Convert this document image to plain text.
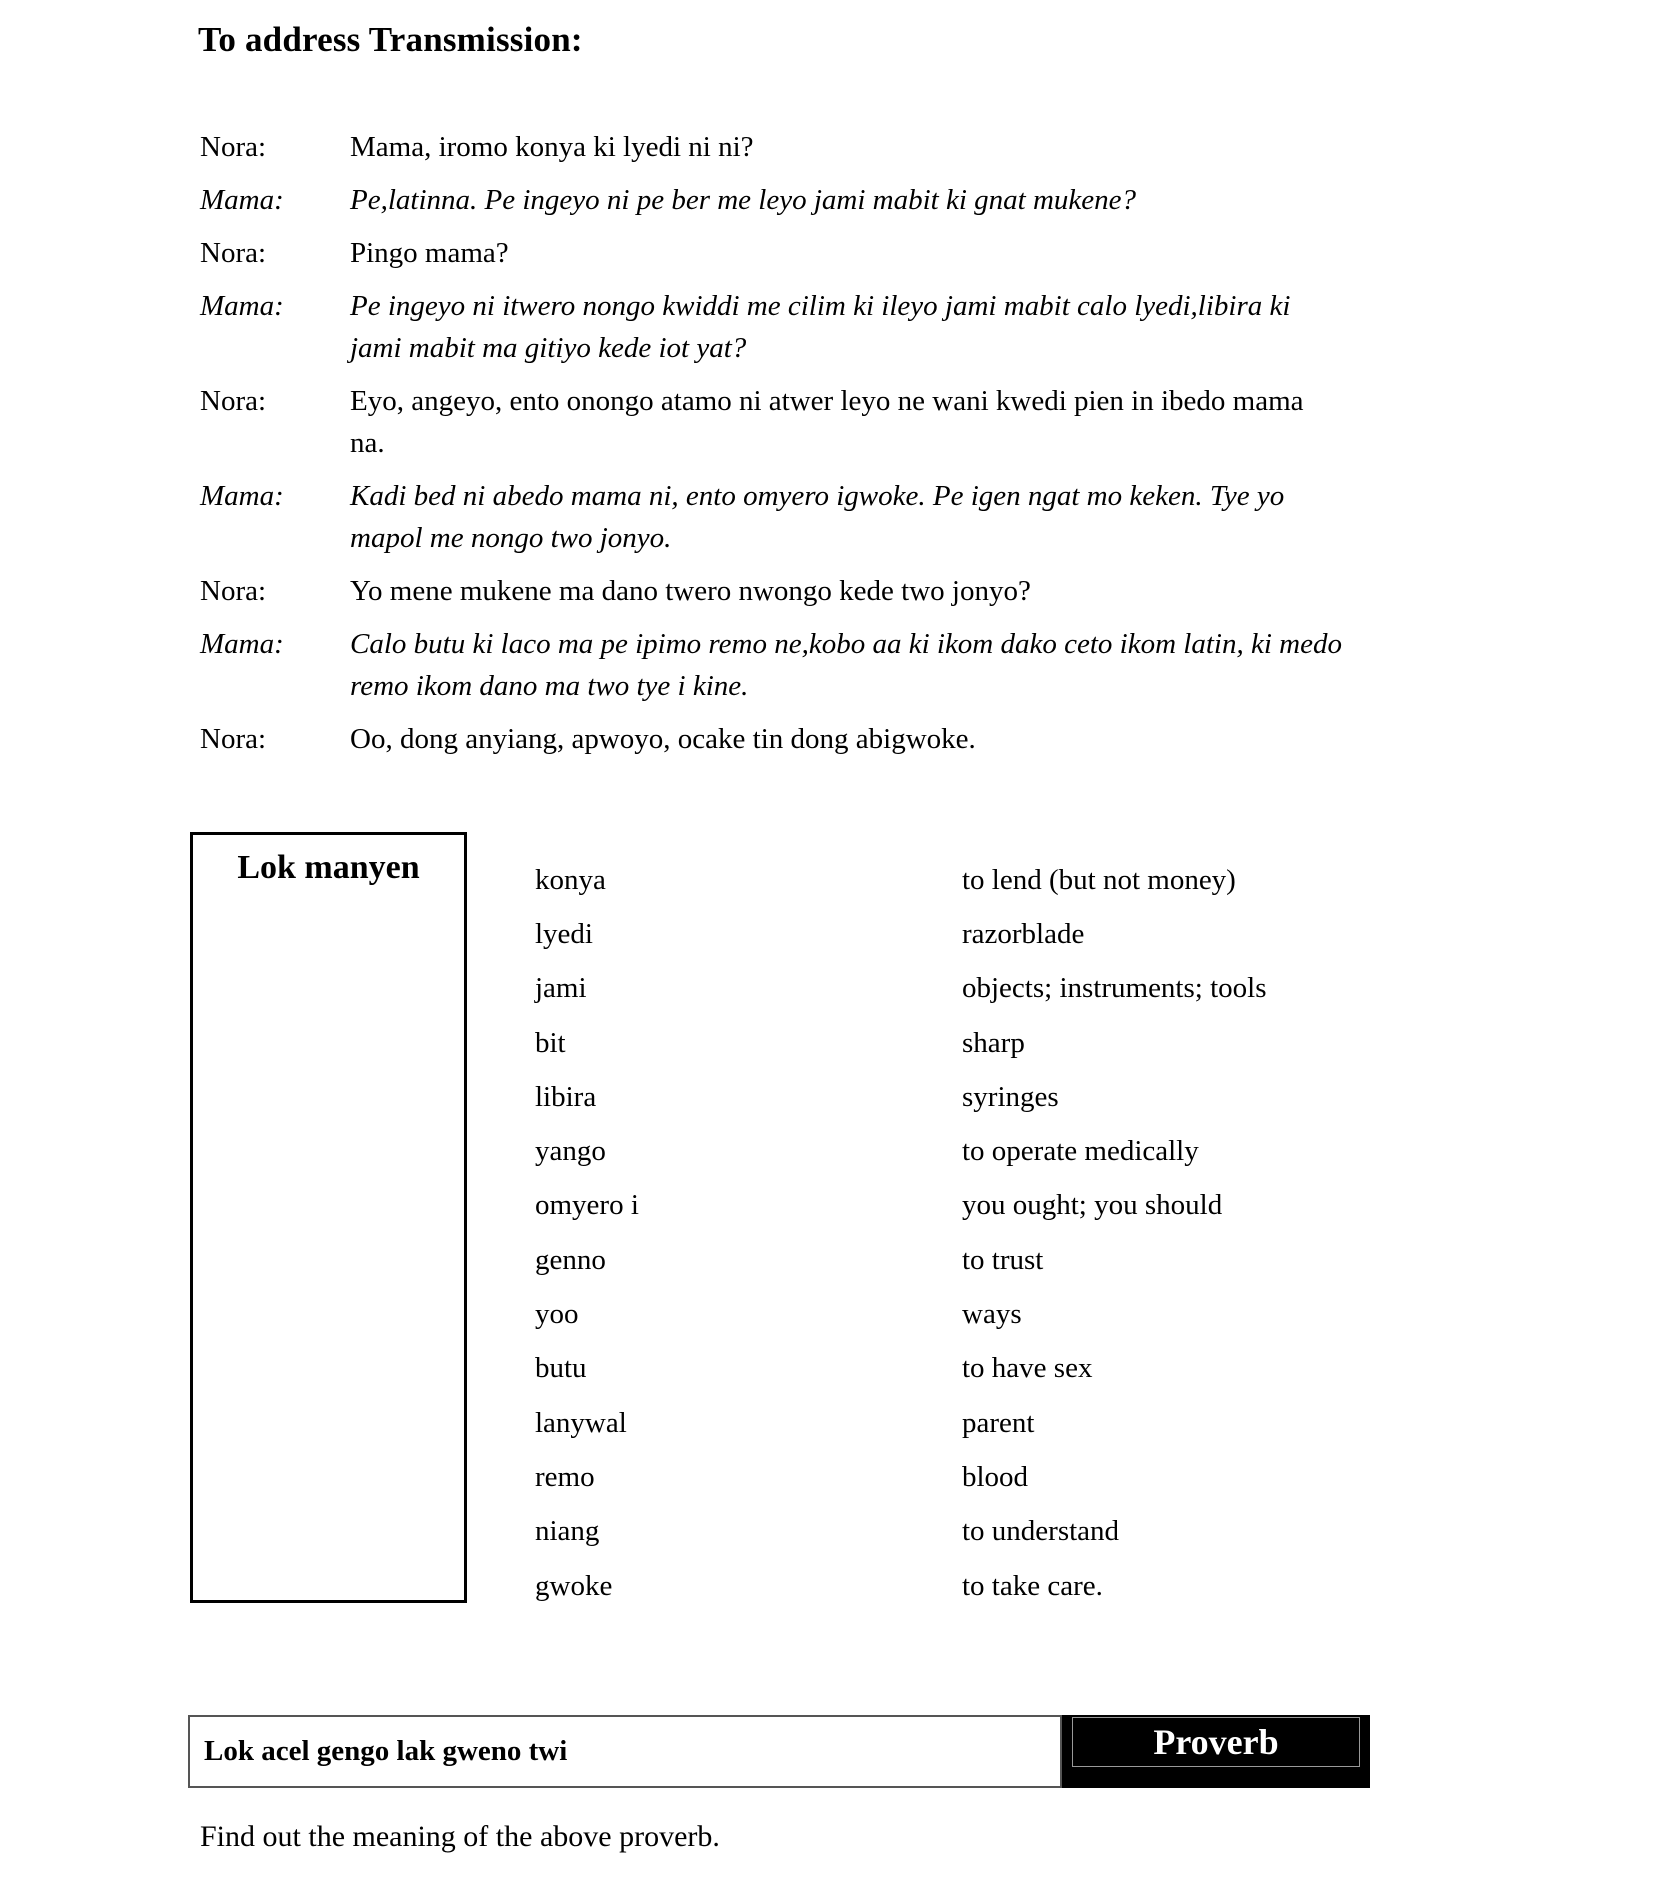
To address Transmission:
Nora:	Mama, iromo konya ki lyedi ni ni?
Mama:	Pe,latinna. Pe ingeyo ni pe ber me leyo jami mabit ki gnat mukene?
Nora:	Pingo mama?
Mama:	Pe ingeyo ni itwero nongo kwiddi me cilim ki ileyo jami mabit calo lyedi,libira ki
jami mabit ma gitiyo kede iot yat?
Nora:	Eyo, angeyo, ento onongo atamo ni atwer leyo ne wani kwedi pien in ibedo mama
na.
Mama:	Kadi bed ni abedo mama ni, ento omyero igwoke. Pe igen ngat mo keken. Tye yo
mapol me nongo two jonyo.
Nora:	Yo mene mukene ma dano twero nwongo kede two jonyo?
Mama:	Calo butu ki laco ma pe ipimo remo ne,kobo aa ki ikom dako ceto ikom latin, ki medo
remo ikom dano ma two tye i kine.
Nora:	Oo, dong anyiang, apwoyo, ocake tin dong abigwoke.
Lok manyen	konya	to lend (but not money)
lyedi	razorblade
jami	objects; instruments; tools
bit	sharp
libira	syringes
yango	to operate medically
omyero i	you ought; you should
genno	to trust
yoo	ways
butu	to have sex
lanywal	parent
remo	blood
niang	to understand
gwoke	to take care.
Lok acel gengo lak gweno twi	Proverb

Find out the meaning of the above proverb.
